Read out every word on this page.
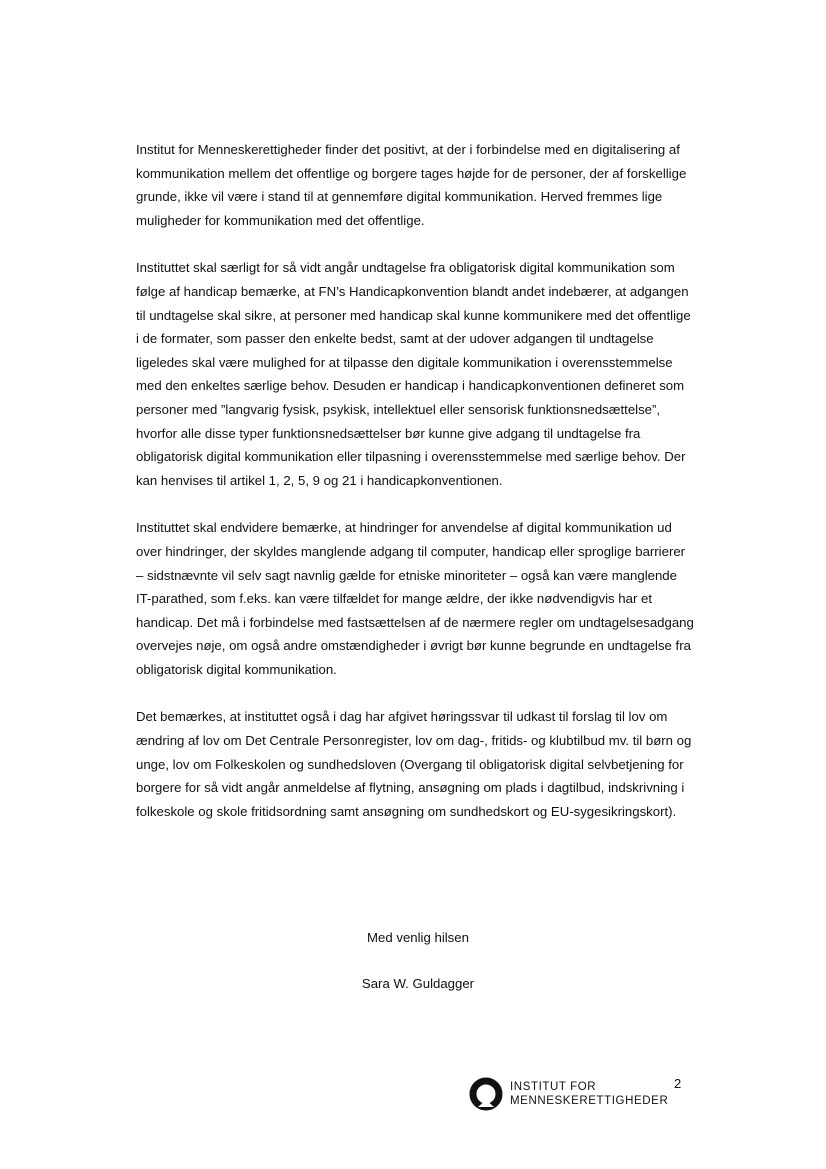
Institut for Menneskerettigheder finder det positivt, at der i forbindelse med en digitalisering af kommunikation mellem det offentlige og borgere tages højde for de personer, der af forskellige grunde, ikke vil være i stand til at gennemføre digital kommunikation. Herved fremmes lige muligheder for kommunikation med det offentlige.

Instituttet skal særligt for så vidt angår undtagelse fra obligatorisk digital kommunikation som følge af handicap bemærke, at FN’s Handicapkonvention blandt andet indebærer, at adgangen til undtagelse skal sikre, at personer med handicap skal kunne kommunikere med det offentlige i de formater, som passer den enkelte bedst, samt at der udover adgangen til undtagelse ligeledes skal være mulighed for at tilpasse den digitale kommunikation i overensstemmelse med den enkeltes særlige behov. Desuden er handicap i handicapkonventionen defineret som personer med ”langvarig fysisk, psykisk, intellektuel eller sensorisk funktionsnedsættelse”, hvorfor alle disse typer funktionsnedsættelser bør kunne give adgang til undtagelse fra obligatorisk digital kommunikation eller tilpasning i overensstemmelse med særlige behov. Der kan henvises til artikel 1, 2, 5, 9 og 21 i handicapkonventionen.

Instituttet skal endvidere bemærke, at hindringer for anvendelse af digital kommunikation ud over hindringer, der skyldes manglende adgang til computer, handicap eller sproglige barrierer – sidstnævnte vil selv sagt navnlig gælde for etniske minoriteter – også kan være manglende IT-parathed, som f.eks. kan være tilfældet for mange ældre, der ikke nødvendigvis har et handicap. Det må i forbindelse med fastsættelsen af de nærmere regler om undtagelsesadgang overvejes nøje, om også andre omstændigheder i øvrigt bør kunne begrunde en undtagelse fra obligatorisk digital kommunikation.

Det bemærkes, at instituttet også i dag har afgivet høringssvar til udkast til forslag til lov om ændring af lov om Det Centrale Personregister, lov om dag-, fritids- og klubtilbud mv. til børn og unge, lov om Folkeskolen og sundhedsloven (Overgang til obligatorisk digital selvbetjening for borgere for så vidt angår anmeldelse af flytning, ansøgning om plads i dagtilbud, indskrivning i folkeskole og skole fritidsordning samt ansøgning om sundhedskort og EU-sygesikringskort).

Med venlig hilsen
Sara W. Guldagger
INSTITUT FOR
MENNESKERETTIGHEDER
2
